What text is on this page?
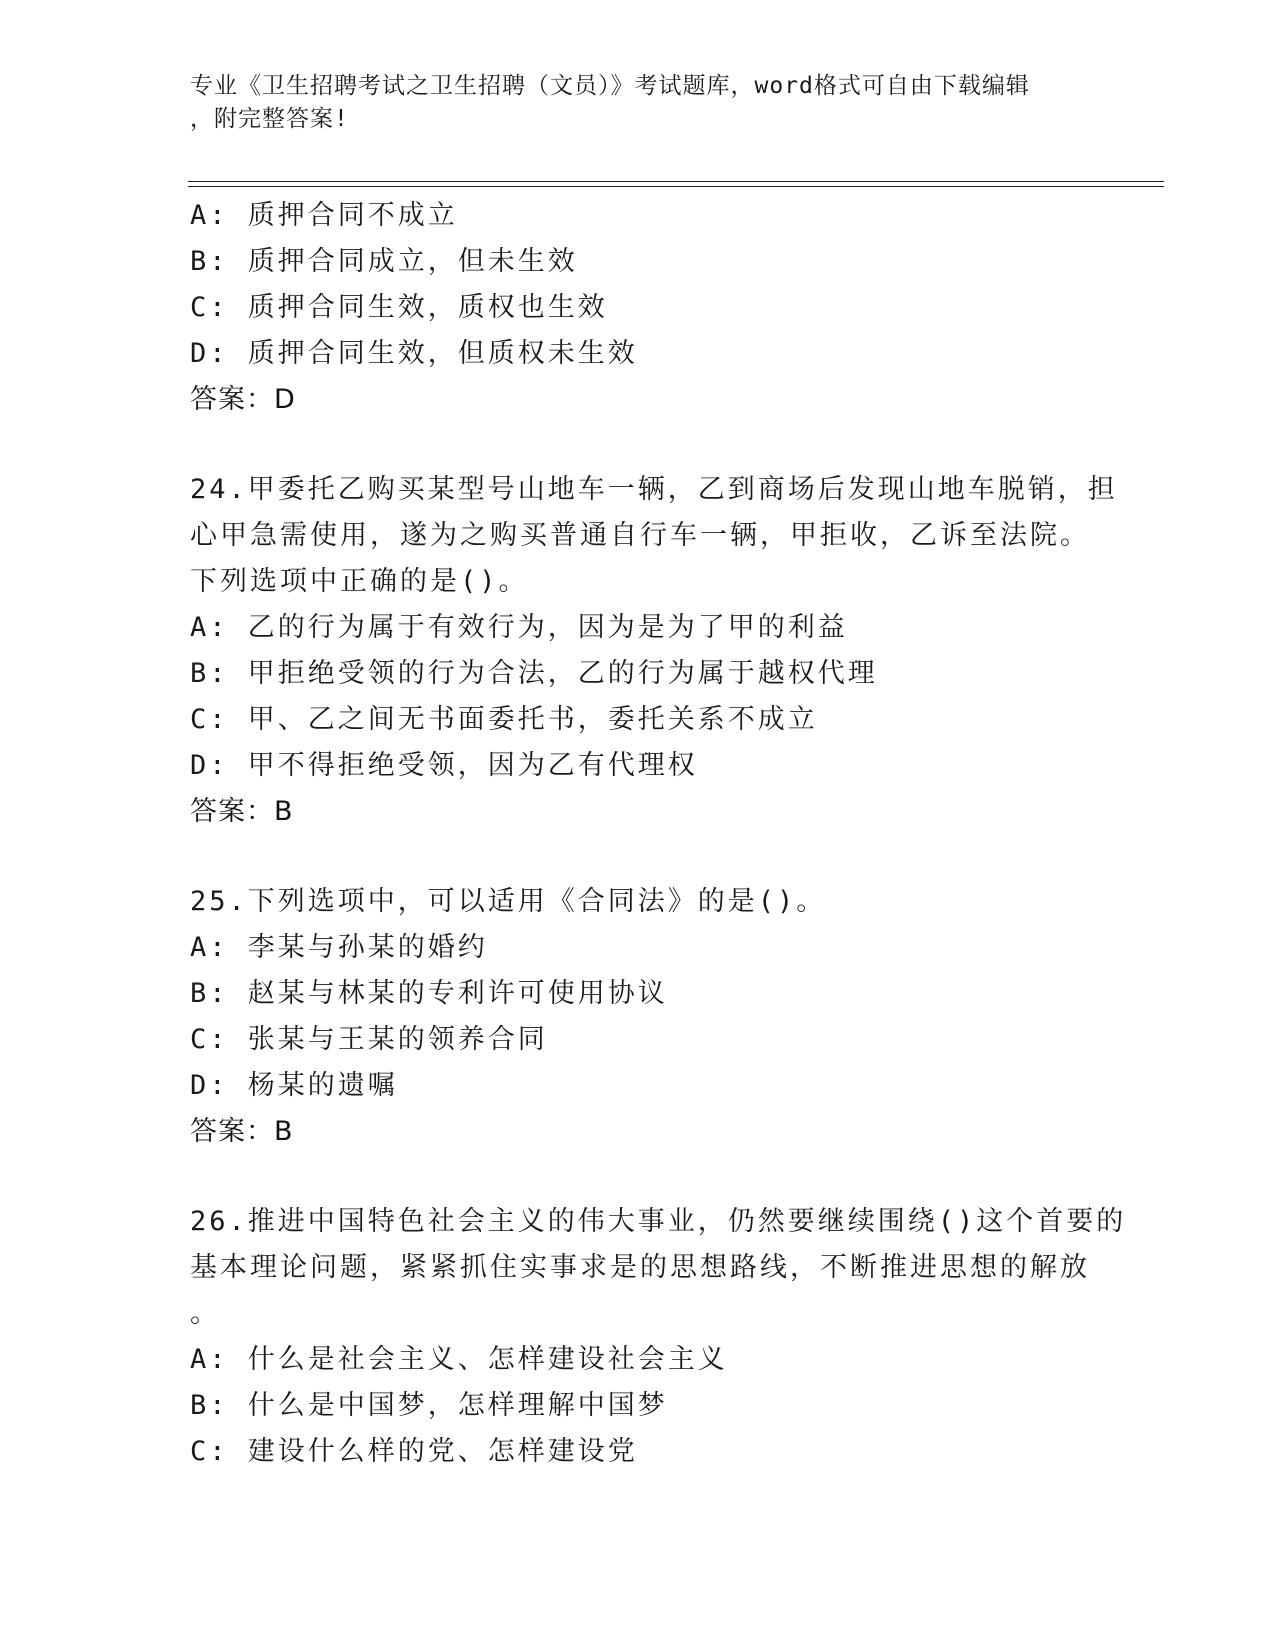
专业《卫生招聘考试之卫生招聘（文员）》考试题库，word格式可自由下载编辑
，附完整答案!
A: 质押合同不成立
B: 质押合同成立，但未生效
C: 质押合同生效，质权也生效
D: 质押合同生效，但质权未生效
答案：D
24.甲委托乙购买某型号山地车一辆，乙到商场后发现山地车脱销，担
心甲急需使用，遂为之购买普通自行车一辆，甲拒收，乙诉至法院。
下列选项中正确的是()。
A: 乙的行为属于有效行为，因为是为了甲的利益
B: 甲拒绝受领的行为合法，乙的行为属于越权代理
C: 甲、乙之间无书面委托书，委托关系不成立
D: 甲不得拒绝受领，因为乙有代理权
答案：B
25.下列选项中，可以适用《合同法》的是()。
A: 李某与孙某的婚约
B: 赵某与林某的专利许可使用协议
C: 张某与王某的领养合同
D: 杨某的遗嘱
答案：B
26.推进中国特色社会主义的伟大事业，仍然要继续围绕()这个首要的
基本理论问题，紧紧抓住实事求是的思想路线，不断推进思想的解放
。
A: 什么是社会主义、怎样建设社会主义
B: 什么是中国梦，怎样理解中国梦
C: 建设什么样的党、怎样建设党
